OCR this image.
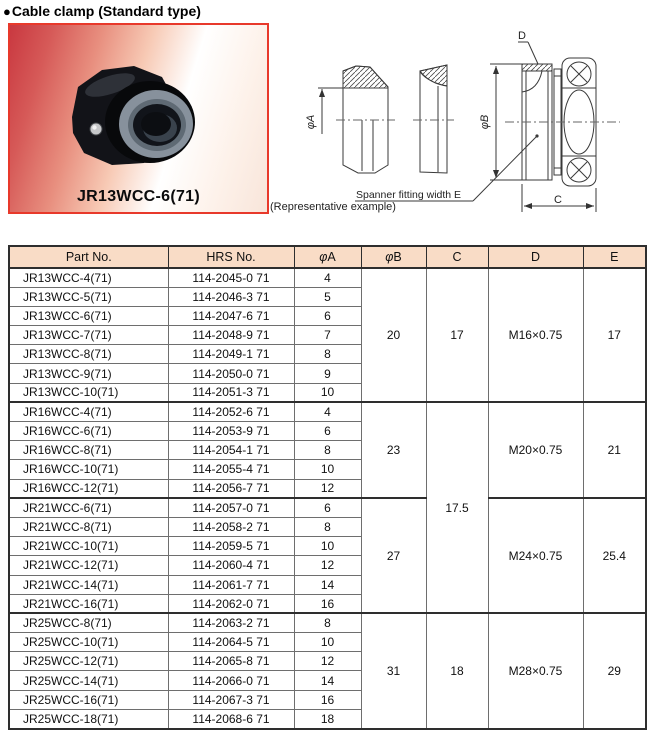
● Cable clamp (Standard type)
JR13WCC-6(71)
(Representative example)
φA	φB
D
C
Spanner fitting width E
Part No.	HRS No.	φA	φB	C	D	E
JR13WCC-4(71)	114-2045-0 71	4	20	17	M16×0.75	17
JR13WCC-5(71)	114-2046-3 71	5				
JR13WCC-6(71)	114-2047-6 71	6				
JR13WCC-7(71)	114-2048-9 71	7				
JR13WCC-8(71)	114-2049-1 71	8				
JR13WCC-9(71)	114-2050-0 71	9				
JR13WCC-10(71)	114-2051-3 71	10				
JR16WCC-4(71)	114-2052-6 71	4	23	17.5	M20×0.75	21
JR16WCC-6(71)	114-2053-9 71	6				
JR16WCC-8(71)	114-2054-1 71	8				
JR16WCC-10(71)	114-2055-4 71	10				
JR16WCC-12(71)	114-2056-7 71	12				
JR21WCC-6(71)	114-2057-0 71	6	27		M24×0.75	25.4
JR21WCC-8(71)	114-2058-2 71	8				
JR21WCC-10(71)	114-2059-5 71	10				
JR21WCC-12(71)	114-2060-4 71	12				
JR21WCC-14(71)	114-2061-7 71	14				
JR21WCC-16(71)	114-2062-0 71	16				
JR25WCC-8(71)	114-2063-2 71	8	31	18	M28×0.75	29
JR25WCC-10(71)	114-2064-5 71	10				
JR25WCC-12(71)	114-2065-8 71	12				
JR25WCC-14(71)	114-2066-0 71	14				
JR25WCC-16(71)	114-2067-3 71	16				
JR25WCC-18(71)	114-2068-6 71	18				
